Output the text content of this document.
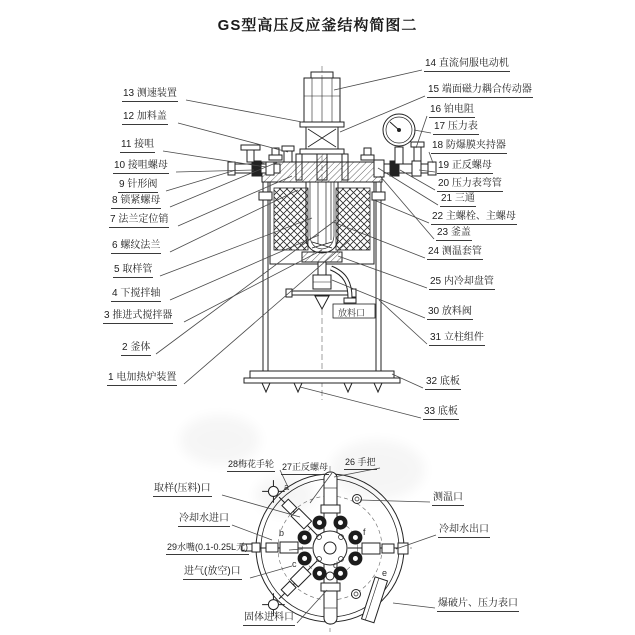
GS型高压反应釜结构简图二
13 测速装置
12 加料盖
11 接咀
10 接咀螺母
9 针形阀
8 锁紧螺母
7 法兰定位销
6 螺纹法兰
5 取样管
4 下搅拌轴
3 推进式搅拌器
2 釜体
1 电加热炉装置
14 直流伺服电动机
15 端面磁力耦合传动器
16 铂电阻
17 压力表
18 防爆膜夹持器
19 正反螺母
20 压力表弯管
21 三通
22 主螺栓、主螺母
23 釜盖
24 测温套管
25 内冷却盘管
30 放料阀
31 立柱组件
32 底板
33 底板
放料口
28梅花手轮 27正反螺母 26 手把
取样(压料)口
冷却水进口
29水嘴(0.1-0.25L无)
进气(放空)口
固体进料口
测温口
冷却水出口
爆破片、压力表口
a
b
c	d
e
f
